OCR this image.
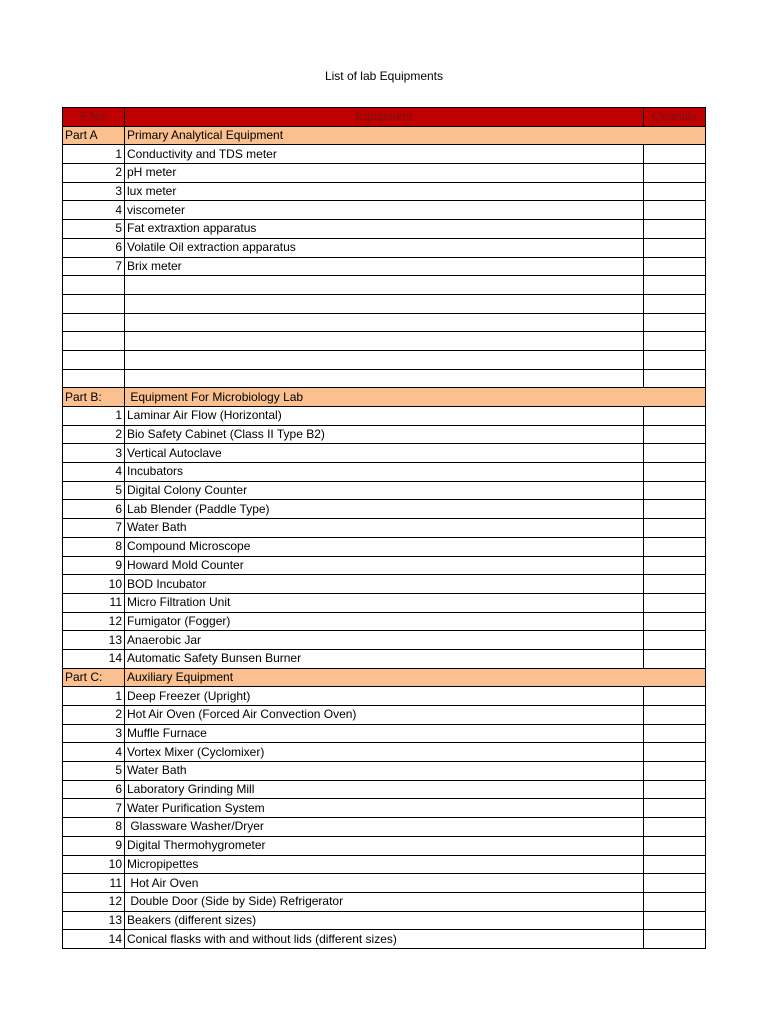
List of lab Equipments
S.No.	Equipment	Quantity
Part A	Primary Analytical Equipment	
1	Conductivity and TDS meter	
2	pH meter	
3	lux meter	
4	viscometer	
5	Fat extraxtion apparatus	
6	Volatile Oil extraction apparatus	
7	Brix meter	

Part B:	Equipment For Microbiology Lab	
1	Laminar Air Flow (Horizontal)	
2	Bio Safety Cabinet (Class II Type B2)	
3	Vertical Autoclave	
4	Incubators	
5	Digital Colony Counter	
6	Lab Blender (Paddle Type)	
7	Water Bath	
8	Compound Microscope	
9	Howard Mold Counter	
10	BOD Incubator	
11	Micro Filtration Unit	
12	Fumigator (Fogger)	
13	Anaerobic Jar	
14	Automatic Safety Bunsen Burner	
Part C:	Auxiliary Equipment	
1	Deep Freezer (Upright)	
2	Hot Air Oven (Forced Air Convection Oven)	
3	Muffle Furnace	
4	Vortex Mixer (Cyclomixer)	
5	Water Bath	
6	Laboratory Grinding Mill	
7	Water Purification System	
8	Glassware Washer/Dryer	
9	Digital Thermohygrometer	
10	Micropipettes	
11	Hot Air Oven	
12	Double Door (Side by Side) Refrigerator	
13	Beakers (different sizes)	
14	Conical flasks with and without lids (different sizes)	
